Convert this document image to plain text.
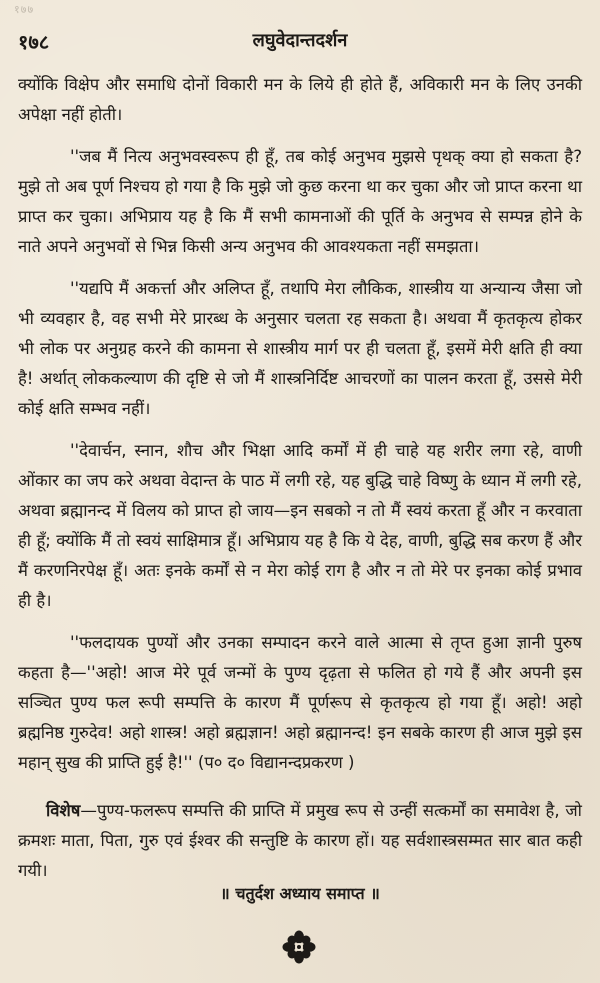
१७७
१७८	लघुवेदान्तदर्शन

क्योंकि विक्षेप और समाधि दोनों विकारी मन के लिये ही होते हैं, अविकारी मन के लिए उनकी अपेक्षा नहीं होती।

''जब मैं नित्य अनुभवस्वरूप ही हूँ, तब कोई अनुभव मुझसे पृथक् क्या हो सकता है? मुझे तो अब पूर्ण निश्चय हो गया है कि मुझे जो कुछ करना था कर चुका और जो प्राप्त करना था प्राप्त कर चुका। अभिप्राय यह है कि मैं सभी कामनाओं की पूर्ति के अनुभव से सम्पन्न होने के नाते अपने अनुभवों से भिन्न किसी अन्य अनुभव की आवश्यकता नहीं समझता।

''यद्यपि मैं अकर्त्ता और अलिप्त हूँ, तथापि मेरा लौकिक, शास्त्रीय या अन्यान्य जैसा जो भी व्यवहार है, वह सभी मेरे प्रारब्ध के अनुसार चलता रह सकता है। अथवा मैं कृतकृत्य होकर भी लोक पर अनुग्रह करने की कामना से शास्त्रीय मार्ग पर ही चलता हूँ, इसमें मेरी क्षति ही क्या है! अर्थात् लोककल्याण की दृष्टि से जो मैं शास्त्रनिर्दिष्ट आचरणों का पालन करता हूँ, उससे मेरी कोई क्षति सम्भव नहीं।

''देवार्चन, स्नान, शौच और भिक्षा आदि कर्मों में ही चाहे यह शरीर लगा रहे, वाणी ओंकार का जप करे अथवा वेदान्त के पाठ में लगी रहे, यह बुद्धि चाहे विष्णु के ध्यान में लगी रहे, अथवा ब्रह्मानन्द में विलय को प्राप्त हो जाय—इन सबको न तो मैं स्वयं करता हूँ और न करवाता ही हूँ; क्योंकि मैं तो स्वयं साक्षिमात्र हूँ। अभिप्राय यह है कि ये देह, वाणी, बुद्धि सब करण हैं और मैं करणनिरपेक्ष हूँ। अतः इनके कर्मों से न मेरा कोई राग है और न तो मेरे पर इनका कोई प्रभाव ही है।

''फलदायक पुण्यों और उनका सम्पादन करने वाले आत्मा से तृप्त हुआ ज्ञानी पुरुष कहता है—''अहो! आज मेरे पूर्व जन्मों के पुण्य दृढ़ता से फलित हो गये हैं और अपनी इस सञ्चित पुण्य फल रूपी सम्पत्ति के कारण मैं पूर्णरूप से कृतकृत्य हो गया हूँ। अहो! अहो ब्रह्मनिष्ठ गुरुदेव! अहो शास्त्र! अहो ब्रह्मज्ञान! अहो ब्रह्मानन्द! इन सबके कारण ही आज मुझे इस महान् सुख की प्राप्ति हुई है!'' (प० द० विद्यानन्दप्रकरण )

विशेष—पुण्य-फलरूप सम्पत्ति की प्राप्ति में प्रमुख रूप से उन्हीं सत्कर्मों का समावेश है, जो क्रमशः माता, पिता, गुरु एवं ईश्वर की सन्तुष्टि के कारण हों। यह सर्वशास्त्रसम्मत सार बात कही गयी।

॥ चतुर्दश अध्याय समाप्त ॥
